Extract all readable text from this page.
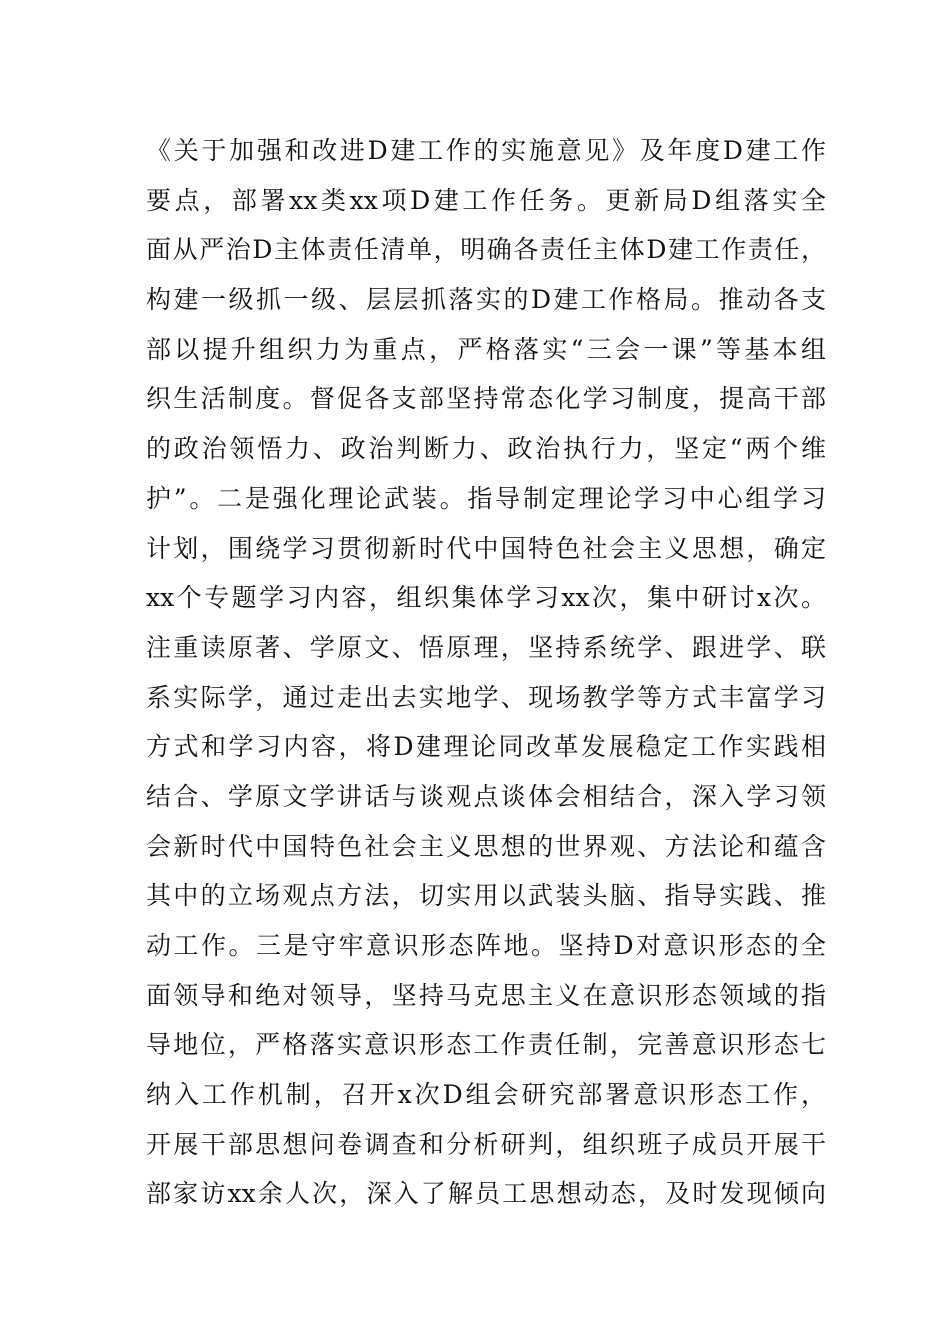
《关于加强和改进D建工作的实施意见》及年度D建工作
要点，部署xx类xx项D建工作任务。更新局D组落实全
面从严治D主体责任清单，明确各责任主体D建工作责任，
构建一级抓一级、层层抓落实的D建工作格局。推动各支
部以提升组织力为重点，严格落实“三会一课”等基本组
织生活制度。督促各支部坚持常态化学习制度，提高干部
的政治领悟力、政治判断力、政治执行力，坚定“两个维
护”。二是强化理论武装。指导制定理论学习中心组学习
计划，围绕学习贯彻新时代中国特色社会主义思想，确定
xx个专题学习内容，组织集体学习xx次，集中研讨x次。
注重读原著、学原文、悟原理，坚持系统学、跟进学、联
系实际学，通过走出去实地学、现场教学等方式丰富学习
方式和学习内容，将D建理论同改革发展稳定工作实践相
结合、学原文学讲话与谈观点谈体会相结合，深入学习领
会新时代中国特色社会主义思想的世界观、方法论和蕴含
其中的立场观点方法，切实用以武装头脑、指导实践、推
动工作。三是守牢意识形态阵地。坚持D对意识形态的全
面领导和绝对领导，坚持马克思主义在意识形态领域的指
导地位，严格落实意识形态工作责任制，完善意识形态七
纳入工作机制，召开x次D组会研究部署意识形态工作，
开展干部思想问卷调查和分析研判，组织班子成员开展干
部家访xx余人次，深入了解员工思想动态，及时发现倾向
